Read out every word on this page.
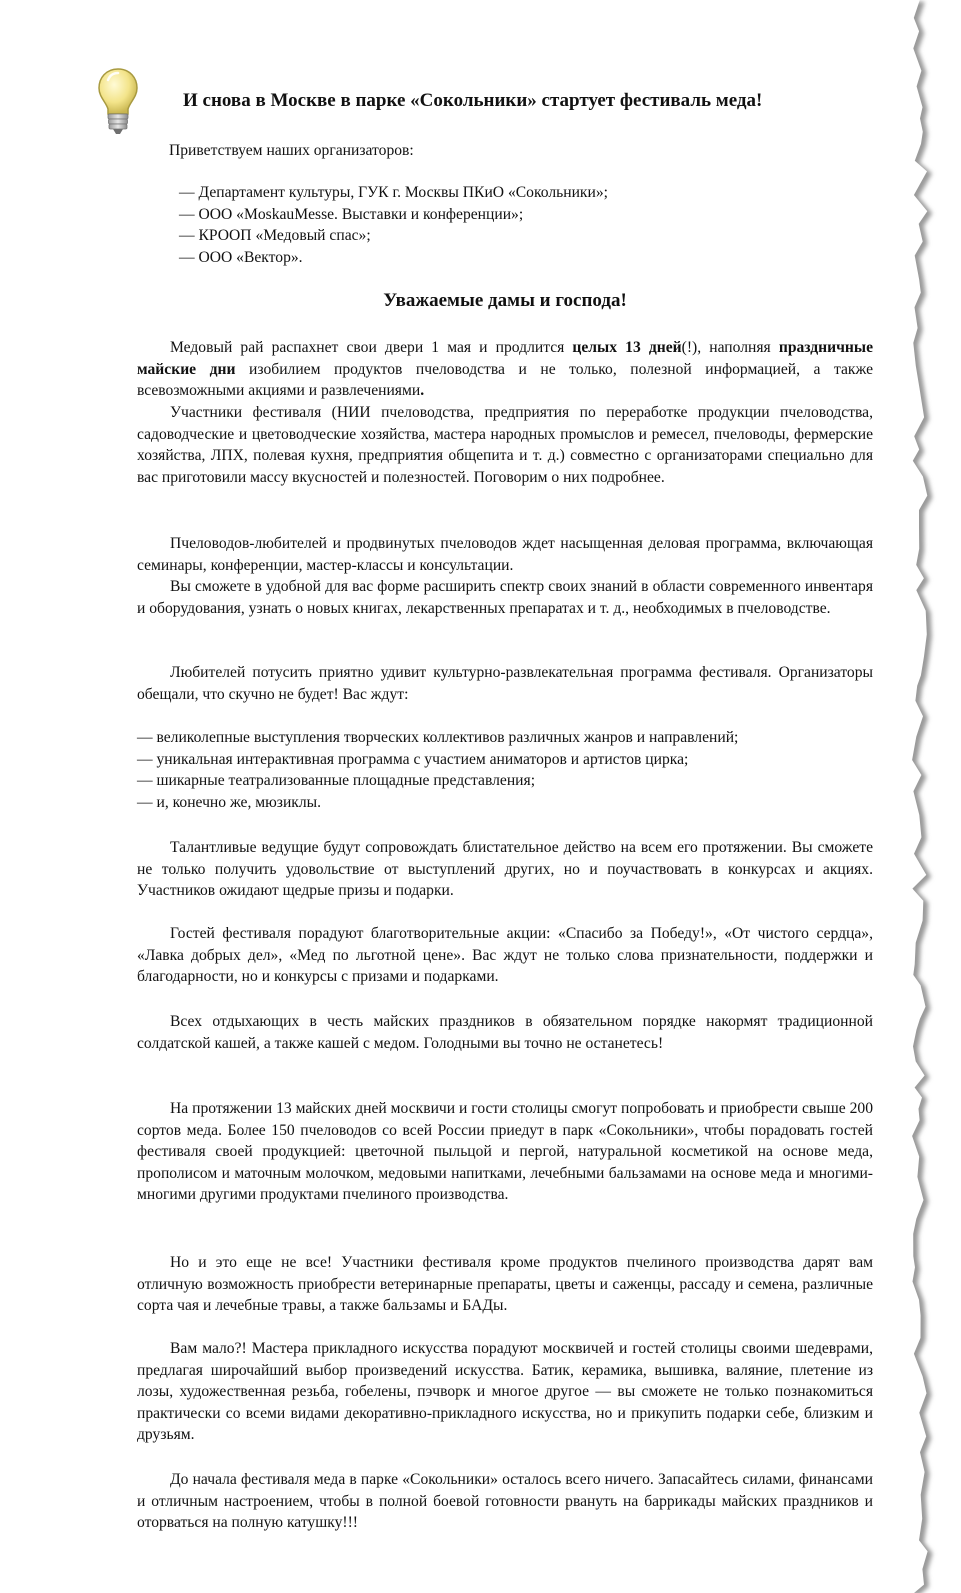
И снова в Москве в парке «Сокольники» стартует фестиваль меда!
Приветствуем наших организаторов:
— Департамент культуры, ГУК г. Москвы ПКиО «Сокольники»;
— ООО «MoskauMesse. Выставки и конференции»;
— КРООП «Медовый спас»;
— ООО «Вектор».
Уважаемые дамы и господа!

Медовый рай распахнет свои двери 1 мая и продлится целых 13 дней(!), наполняя праздничные майские дни изобилием продуктов пчеловодства и не только, полезной информацией, а также всевозможными акциями и развлечениями.

Участники фестиваля (НИИ пчеловодства, предприятия по переработке продукции пчеловодства, садоводческие и цветоводческие хозяйства, мастера народных промыслов и ремесел, пчеловоды, фермерские хозяйства, ЛПХ, полевая кухня, предприятия общепита и т. д.) совместно с организаторами специально для вас приготовили массу вкусностей и полезностей. Поговорим о них подробнее.

Пчеловодов-любителей и продвинутых пчеловодов ждет насыщенная деловая программа, включающая семинары, конференции, мастер-классы и консультации.

Вы сможете в удобной для вас форме расширить спектр своих знаний в области современного инвентаря и оборудования, узнать о новых книгах, лекарственных препаратах и т. д., необходимых в пчеловодстве.

Любителей потусить приятно удивит культурно-развлекательная программа фестиваля. Организаторы обещали, что скучно не будет! Вас ждут:

— великолепные выступления творческих коллективов различных жанров и направлений;
— уникальная интерактивная программа с участием аниматоров и артистов цирка;
— шикарные театрализованные площадные представления;
— и, конечно же, мюзиклы.

Талантливые ведущие будут сопровождать блистательное действо на всем его протяжении. Вы сможете не только получить удовольствие от выступлений других, но и поучаствовать в конкурсах и акциях. Участников ожидают щедрые призы и подарки.

Гостей фестиваля порадуют благотворительные акции: «Спасибо за Победу!», «От чистого сердца», «Лавка добрых дел», «Мед по льготной цене». Вас ждут не только слова признательности, поддержки и благодарности, но и конкурсы с призами и подарками.

Всех отдыхающих в честь майских праздников в обязательном порядке накормят традиционной солдатской кашей, а также кашей с медом. Голодными вы точно не останетесь!

На протяжении 13 майских дней москвичи и гости столицы смогут попробовать и приобрести свыше 200 сортов меда. Более 150 пчеловодов со всей России приедут в парк «Сокольники», чтобы порадовать гостей фестиваля своей продукцией: цветочной пыльцой и пергой, натуральной косметикой на основе меда, прополисом и маточным молочком, медовыми напитками, лечебными бальзамами на основе меда и многими-многими другими продуктами пчелиного производства.

Но и это еще не все! Участники фестиваля кроме продуктов пчелиного производства дарят вам отличную возможность приобрести ветеринарные препараты, цветы и саженцы, рассаду и семена, различные сорта чая и лечебные травы, а также бальзамы и БАДы.

Вам мало?! Мастера прикладного искусства порадуют москвичей и гостей столицы своими шедеврами, предлагая широчайший выбор произведений искусства. Батик, керамика, вышивка, валяние, плетение из лозы, художественная резьба, гобелены, пэчворк и многое другое — вы сможете не только познакомиться практически со всеми видами декоративно-прикладного искусства, но и прикупить подарки себе, близким и друзьям.

До начала фестиваля меда в парке «Сокольники» осталось всего ничего. Запасайтесь силами, финансами и отличным настроением, чтобы в полной боевой готовности рвануть на баррикады майских праздников и оторваться на полную катушку!!!
